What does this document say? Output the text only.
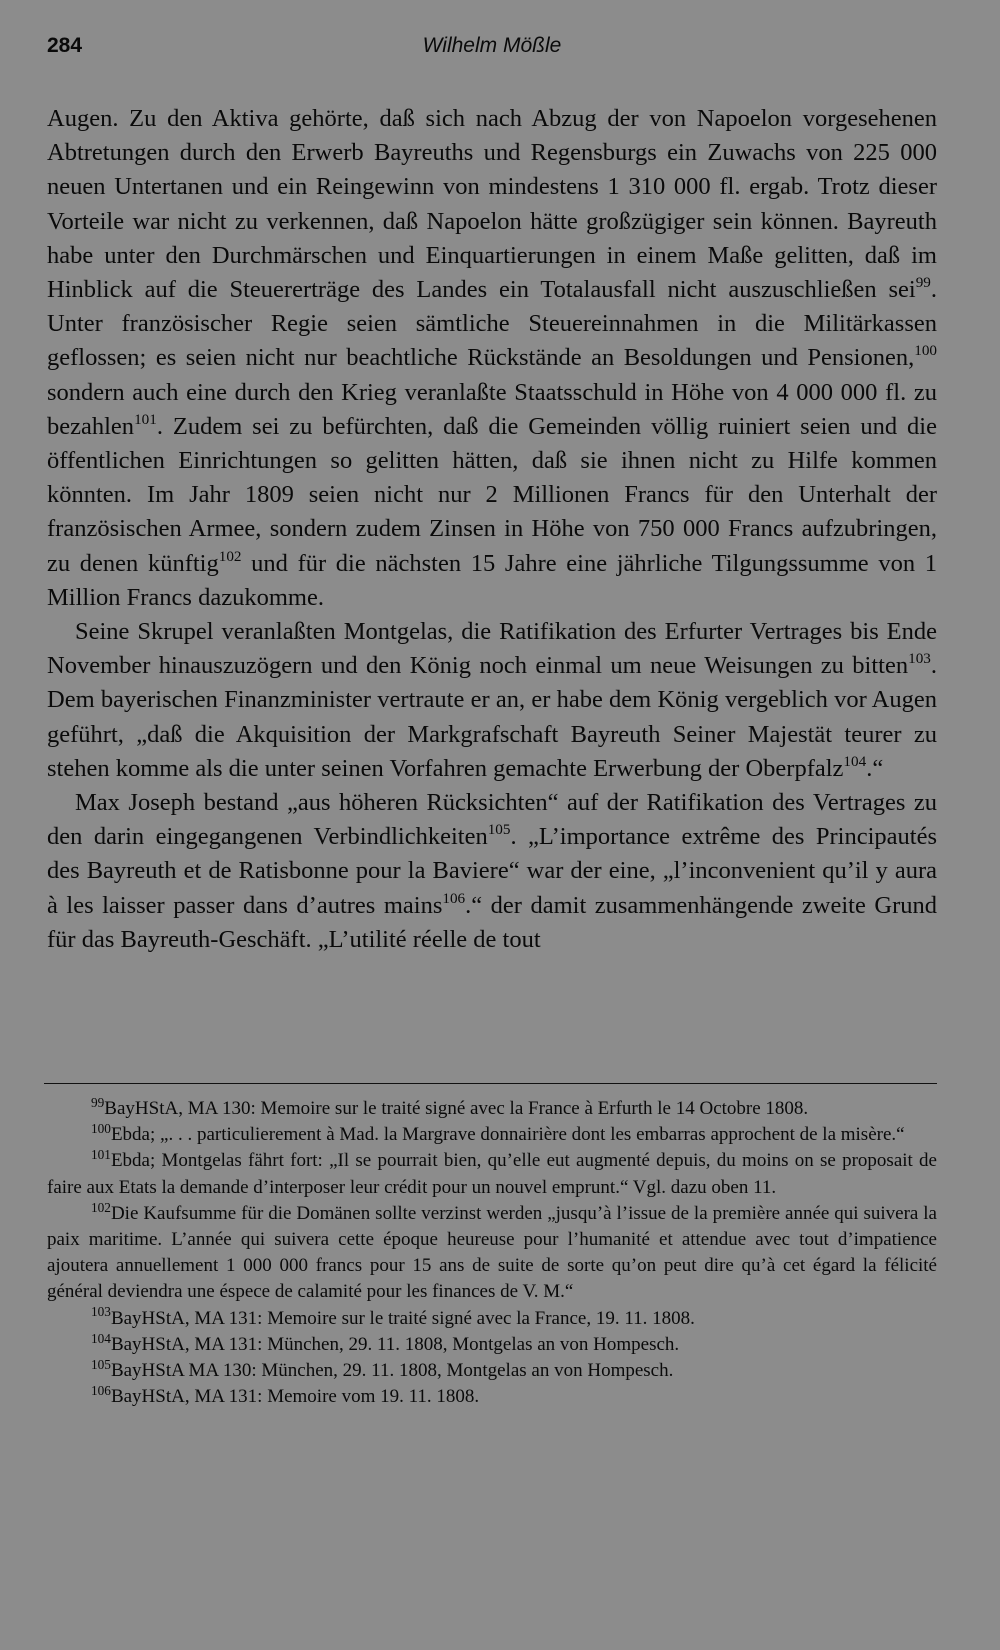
284	Wilhelm Mößle

Augen. Zu den Aktiva gehörte, daß sich nach Abzug der von Napoelon vorgesehenen Abtretungen durch den Erwerb Bayreuths und Regensburgs ein Zuwachs von 225 000 neuen Untertanen und ein Reingewinn von mindestens 1 310 000 fl. ergab. Trotz dieser Vorteile war nicht zu verkennen, daß Napoelon hätte großzügiger sein können. Bayreuth habe unter den Durchmärschen und Einquartierungen in einem Maße gelitten, daß im Hinblick auf die Steuererträge des Landes ein Totalausfall nicht auszuschließen sei$^{99}$. Unter französischer Regie seien sämtliche Steuereinnahmen in die Militärkassen geflossen; es seien nicht nur beachtliche Rückstände an Besoldungen und Pensionen,$^{100}$ sondern auch eine durch den Krieg veranlaßte Staatsschuld in Höhe von 4 000 000 fl. zu bezahlen$^{101}$. Zudem sei zu befürchten, daß die Gemeinden völlig ruiniert seien und die öffentlichen Einrichtungen so gelitten hätten, daß sie ihnen nicht zu Hilfe kommen könnten. Im Jahr 1809 seien nicht nur 2 Millionen Francs für den Unterhalt der französischen Armee, sondern zudem Zinsen in Höhe von 750 000 Francs aufzubringen, zu denen künftig$^{102}$ und für die nächsten 15 Jahre eine jährliche Tilgungssumme von 1 Million Francs dazukomme.

Seine Skrupel veranlaßten Montgelas, die Ratifikation des Erfurter Vertrages bis Ende November hinauszuzögern und den König noch einmal um neue Weisungen zu bitten$^{103}$. Dem bayerischen Finanzminister vertraute er an, er habe dem König vergeblich vor Augen geführt, „daß die Akquisition der Markgrafschaft Bayreuth Seiner Majestät teurer zu stehen komme als die unter seinen Vorfahren gemachte Erwerbung der Oberpfalz$^{104}$.“

Max Joseph bestand „aus höheren Rücksichten“ auf der Ratifikation des Vertrages zu den darin eingegangenen Verbindlichkeiten$^{105}$. „L’importance extrême des Principautés des Bayreuth et de Ratisbonne pour la Baviere“ war der eine, „l’inconvenient qu’il y aura à les laisser passer dans d’autres mains$^{106}$.“ der damit zusammenhängende zweite Grund für das Bayreuth-Geschäft. „L’utilité réelle de tout

99BayHStA, MA 130: Memoire sur le traité signé avec la France à Erfurth le 14 Octobre 1808.

100Ebda; „. . . particulierement à Mad. la Margrave donnairière dont les embarras approchent de la misère.“

101Ebda; Montgelas fährt fort: „Il se pourrait bien, qu’elle eut augmenté depuis, du moins on se proposait de faire aux Etats la demande d’interposer leur crédit pour un nouvel emprunt.“ Vgl. dazu oben 11.

102Die Kaufsumme für die Domänen sollte verzinst werden „jusqu’à l’issue de la première année qui suivera la paix maritime. L’année qui suivera cette époque heureuse pour l’humanité et attendue avec tout d’impatience ajoutera annuellement 1 000 000 francs pour 15 ans de suite de sorte qu’on peut dire qu’à cet égard la félicité général deviendra une éspece de calamité pour les finances de V. M.“

103BayHStA, MA 131: Memoire sur le traité signé avec la France, 19. 11. 1808.

104BayHStA, MA 131: München, 29. 11. 1808, Montgelas an von Hompesch.

105BayHStA MA 130: München, 29. 11. 1808, Montgelas an von Hompesch.

106BayHStA, MA 131: Memoire vom 19. 11. 1808.
